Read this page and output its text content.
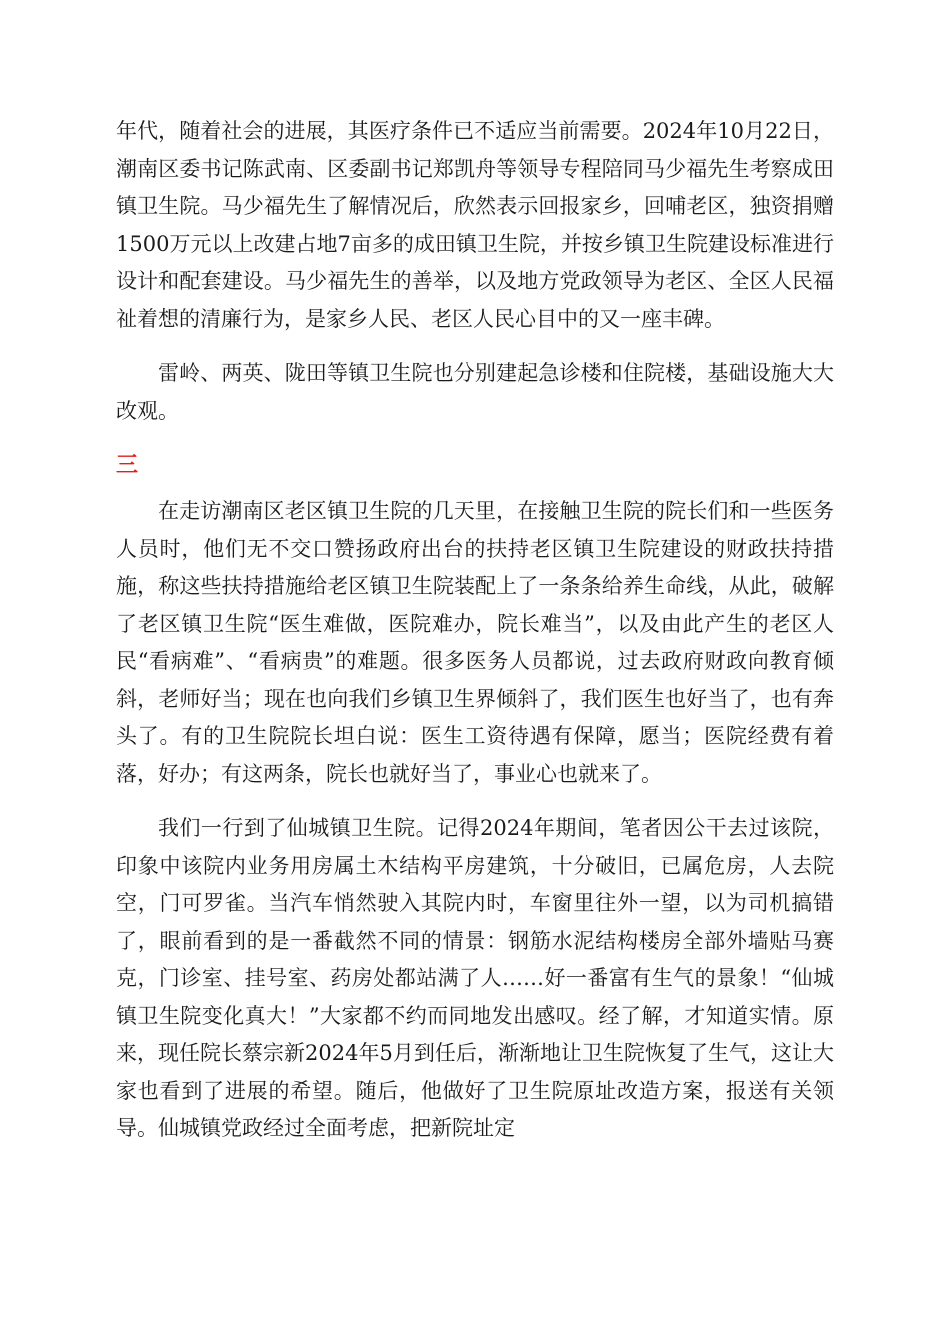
年代，随着社会的进展，其医疗条件已不适应当前需要。2024年10月22日，潮南区委书记陈武南、区委副书记郑凯舟等领导专程陪同马少福先生考察成田镇卫生院。马少福先生了解情况后，欣然表示回报家乡，回哺老区，独资捐赠1500万元以上改建占地7亩多的成田镇卫生院，并按乡镇卫生院建设标准进行设计和配套建设。马少福先生的善举，以及地方党政领导为老区、全区人民福祉着想的清廉行为，是家乡人民、老区人民心目中的又一座丰碑。

雷岭、两英、陇田等镇卫生院也分别建起急诊楼和住院楼，基础设施大大改观。

三

在走访潮南区老区镇卫生院的几天里，在接触卫生院的院长们和一些医务人员时，他们无不交口赞扬政府出台的扶持老区镇卫生院建设的财政扶持措施，称这些扶持措施给老区镇卫生院装配上了一条条给养生命线，从此，破解了老区镇卫生院“医生难做，医院难办，院长难当”，以及由此产生的老区人民“看病难”、“看病贵”的难题。很多医务人员都说，过去政府财政向教育倾斜，老师好当；现在也向我们乡镇卫生界倾斜了，我们医生也好当了，也有奔头了。有的卫生院院长坦白说：医生工资待遇有保障，愿当；医院经费有着落，好办；有这两条，院长也就好当了，事业心也就来了。

我们一行到了仙城镇卫生院。记得2024年期间，笔者因公干去过该院，印象中该院内业务用房属土木结构平房建筑，十分破旧，已属危房，人去院空，门可罗雀。当汽车悄然驶入其院内时，车窗里往外一望，以为司机搞错了，眼前看到的是一番截然不同的情景：钢筋水泥结构楼房全部外墙贴马赛克，门诊室、挂号室、药房处都站满了人……好一番富有生气的景象！“仙城镇卫生院变化真大！”大家都不约而同地发出感叹。经了解，才知道实情。原来，现任院长蔡宗新2024年5月到任后，渐渐地让卫生院恢复了生气，这让大家也看到了进展的希望。随后，他做好了卫生院原址改造方案，报送有关领导。仙城镇党政经过全面考虑，把新院址定
